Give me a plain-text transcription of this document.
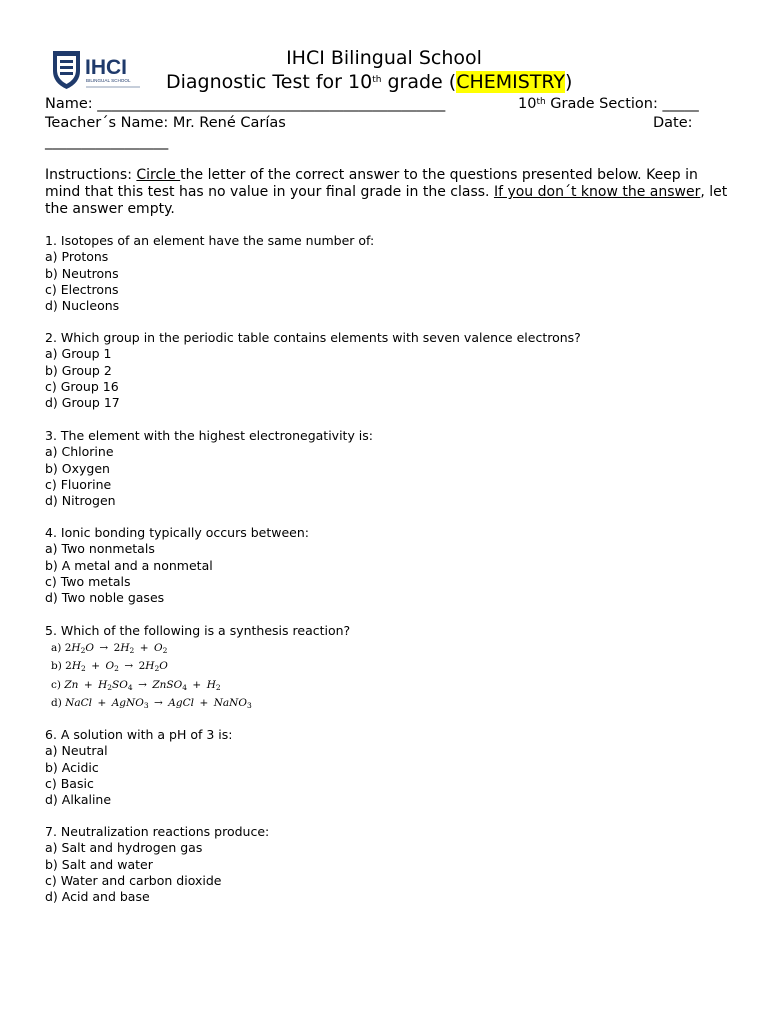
IHCI
BILINGUAL SCHOOL
IHCI Bilingual School
Diagnostic Test for 10th grade (CHEMISTRY)
Name: ________________________________________________	10th Grade Section: _____
Teacher´s Name: Mr. René Carías	Date:
_________________
Instructions: Circle the letter of the correct answer to the questions presented below. Keep in mind that this test has no value in your final grade in the class. If you don´t know the answer, let the answer empty.
1. Isotopes of an element have the same number of:
a) Protons
b) Neutrons
c) Electrons
d) Nucleons
2. Which group in the periodic table contains elements with seven valence electrons?
a) Group 1
b) Group 2
c) Group 16
d) Group 17
3. The element with the highest electronegativity is:
a) Chlorine
b) Oxygen
c) Fluorine
d) Nitrogen
4. Ionic bonding typically occurs between:
a) Two nonmetals
b) A metal and a nonmetal
c) Two metals
d) Two noble gases
5. Which of the following is a synthesis reaction?
a) $2H_2O \to 2H_2 + O_2$
b) $2H_2 + O_2 \to 2H_2O$
c) $Zn + H_2SO_4$  →  ZnSO$_4$  +  $H_2$
d) NaCl  +  AgNO$_3$  →  AgCl  +  NaNO$_3$
6. A solution with a pH of 3 is:
a) Neutral
b) Acidic
c) Basic
d) Alkaline
7. Neutralization reactions produce:
a) Salt and hydrogen gas
b) Salt and water
c) Water and carbon dioxide
d) Acid and base
